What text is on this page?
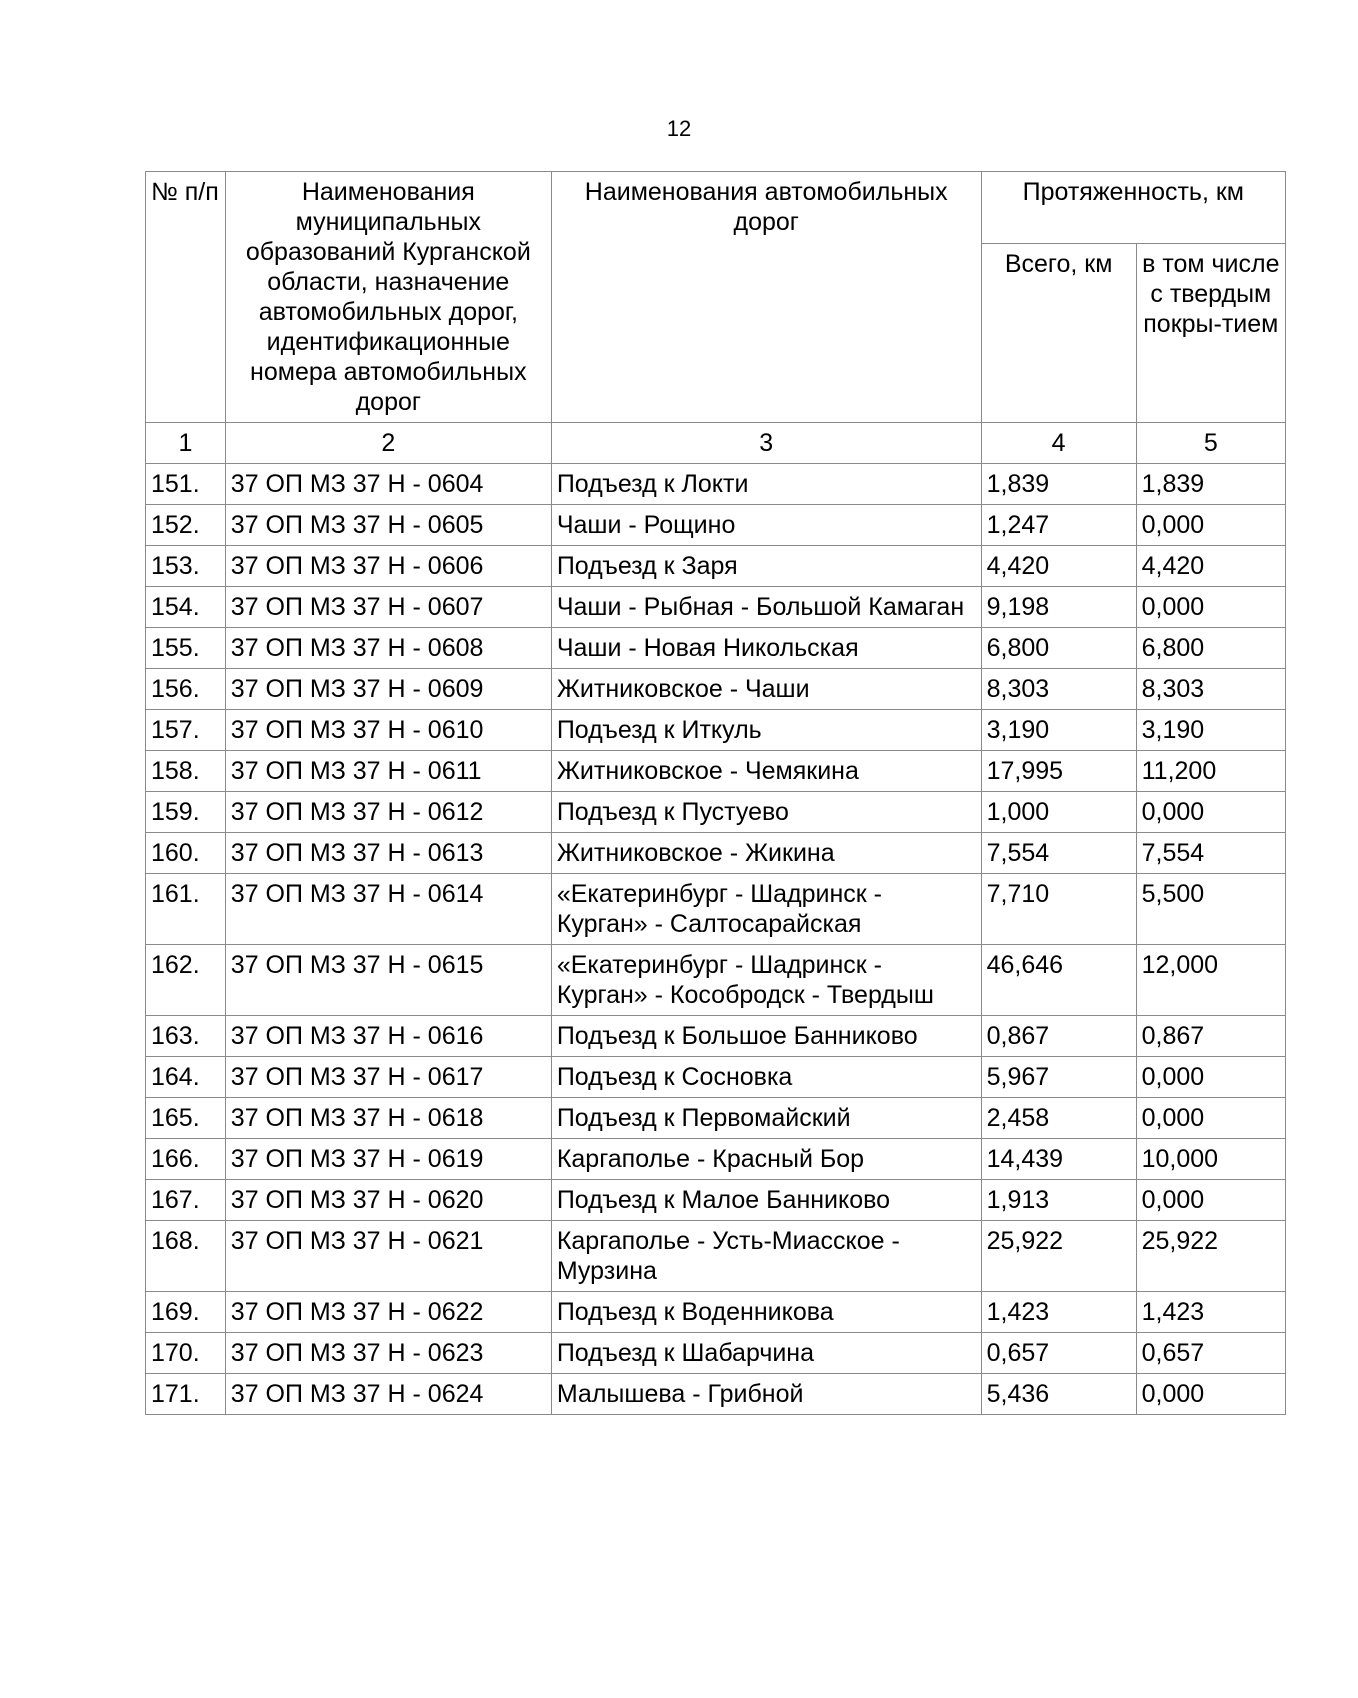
12
№ п/п	Наименования муниципальных образований Курганской области, назначение автомобильных дорог, идентификационные номера автомобильных дорог	Наименования автомобильных дорог	Протяженность, км	
			Всего, км	в том числе с твердым покры-тием
1	2	3	4	5
151.	37 ОП МЗ 37 Н - 0604	Подъезд к Локти	1,839	1,839
152.	37 ОП МЗ 37 Н - 0605	Чаши - Рощино	1,247	0,000
153.	37 ОП МЗ 37 Н - 0606	Подъезд к Заря	4,420	4,420
154.	37 ОП МЗ 37 Н - 0607	Чаши - Рыбная - Большой Камаган	9,198	0,000
155.	37 ОП МЗ 37 Н - 0608	Чаши - Новая Никольская	6,800	6,800
156.	37 ОП МЗ 37 Н - 0609	Житниковское - Чаши	8,303	8,303
157.	37 ОП МЗ 37 Н - 0610	Подъезд к Иткуль	3,190	3,190
158.	37 ОП МЗ 37 Н - 0611	Житниковское - Чемякина	17,995	11,200
159.	37 ОП МЗ 37 Н - 0612	Подъезд к Пустуево	1,000	0,000
160.	37 ОП МЗ 37 Н - 0613	Житниковское - Жикина	7,554	7,554
161.	37 ОП МЗ 37 Н - 0614	«Екатеринбург - Шадринск - Курган» - Салтосарайская	7,710	5,500
162.	37 ОП МЗ 37 Н - 0615	«Екатеринбург - Шадринск - Курган» - Кособродск - Твердыш	46,646	12,000
163.	37 ОП МЗ 37 Н - 0616	Подъезд к Большое Банниково	0,867	0,867
164.	37 ОП МЗ 37 Н - 0617	Подъезд к Сосновка	5,967	0,000
165.	37 ОП МЗ 37 Н - 0618	Подъезд к Первомайский	2,458	0,000
166.	37 ОП МЗ 37 Н - 0619	Каргаполье - Красный Бор	14,439	10,000
167.	37 ОП МЗ 37 Н - 0620	Подъезд к Малое Банниково	1,913	0,000
168.	37 ОП МЗ 37 Н - 0621	Каргаполье - Усть-Миасское - Мурзина	25,922	25,922
169.	37 ОП МЗ 37 Н - 0622	Подъезд к Воденникова	1,423	1,423
170.	37 ОП МЗ 37 Н - 0623	Подъезд к Шабарчина	0,657	0,657
171.	37 ОП МЗ 37 Н - 0624	Малышева - Грибной	5,436	0,000
